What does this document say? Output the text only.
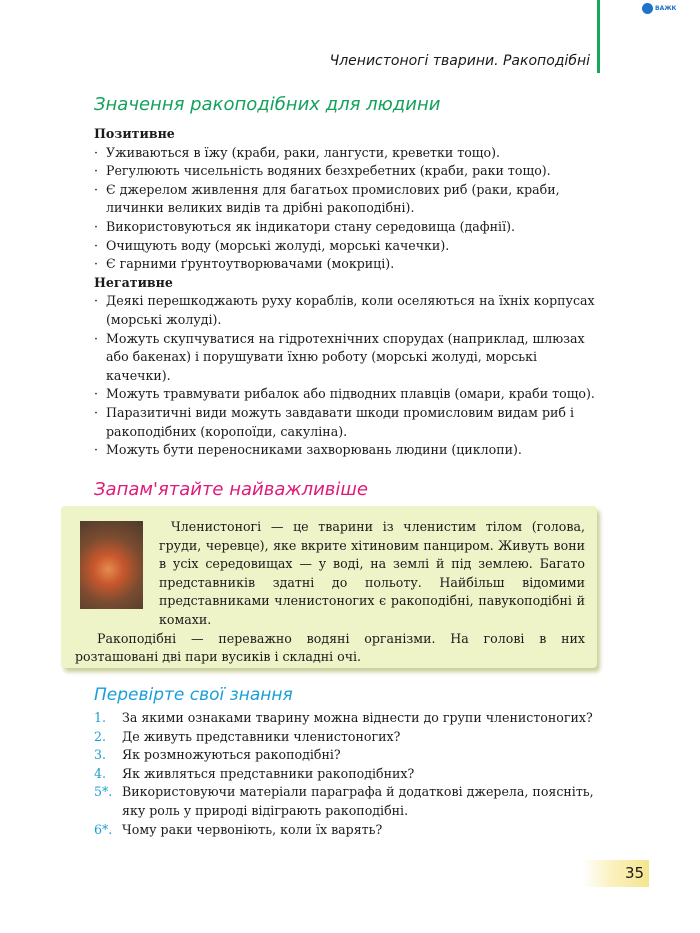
ВАЖК
Членистоногі тварини. Ракоподібні
Значення ракоподібних для людини
Позитивне
· Уживаються в їжу (краби, раки, лангусти, креветки тощо).
· Регулюють чисельність водяних безхребетних (краби, раки тощо).
· Є джерелом живлення для багатьох промислових риб (раки, краби, личинки великих видів та дрібні ракоподібні).
· Використовуються як індикатори стану середовища (дафнії).
· Очищують воду (морські жолуді, морські качечки).
· Є гарними ґрунтоутворювачами (мокриці).
Негативне
· Деякі перешкоджають руху кораблів, коли оселяються на їхніх корпусах (морські жолуді).
· Можуть скупчуватися на гідротехнічних спорудах (наприклад, шлюзах або бакенах) і порушувати їхню роботу (морські жолуді, морські качечки).
· Можуть травмувати рибалок або підводних плавців (омари, краби тощо).
· Паразитичні види можуть завдавати шкоди промисловим видам риб і ракоподібних (коропоїди, сакуліна).
· Можуть бути переносниками захворювань людини (циклопи).
Запам'ятайте найважливіше

Членистоногі — це тварини із членистим тілом (голова, груди, черевце), яке вкрите хітиновим панциром. Живуть вони в усіх середовищах — у воді, на землі й під землею. Багато представників здатні до польоту. Найбільш відомими представниками членистоногих є ракоподібні, павукоподібні й комахи.

Ракоподібні — переважно водяні організми. На голові в них розташовані дві пари вусиків і складні очі.

Перевірте свої знання
1. За якими ознаками тварину можна віднести до групи членистоногих?
2. Де живуть представники членистоногих?
3. Як розмножуються ракоподібні?
4. Як живляться представники ракоподібних?
5*. Використовуючи матеріали параграфа й додаткові джерела, поясніть, яку роль у природі відіграють ракоподібні.
6*. Чому раки червоніють, коли їх варять?
35
